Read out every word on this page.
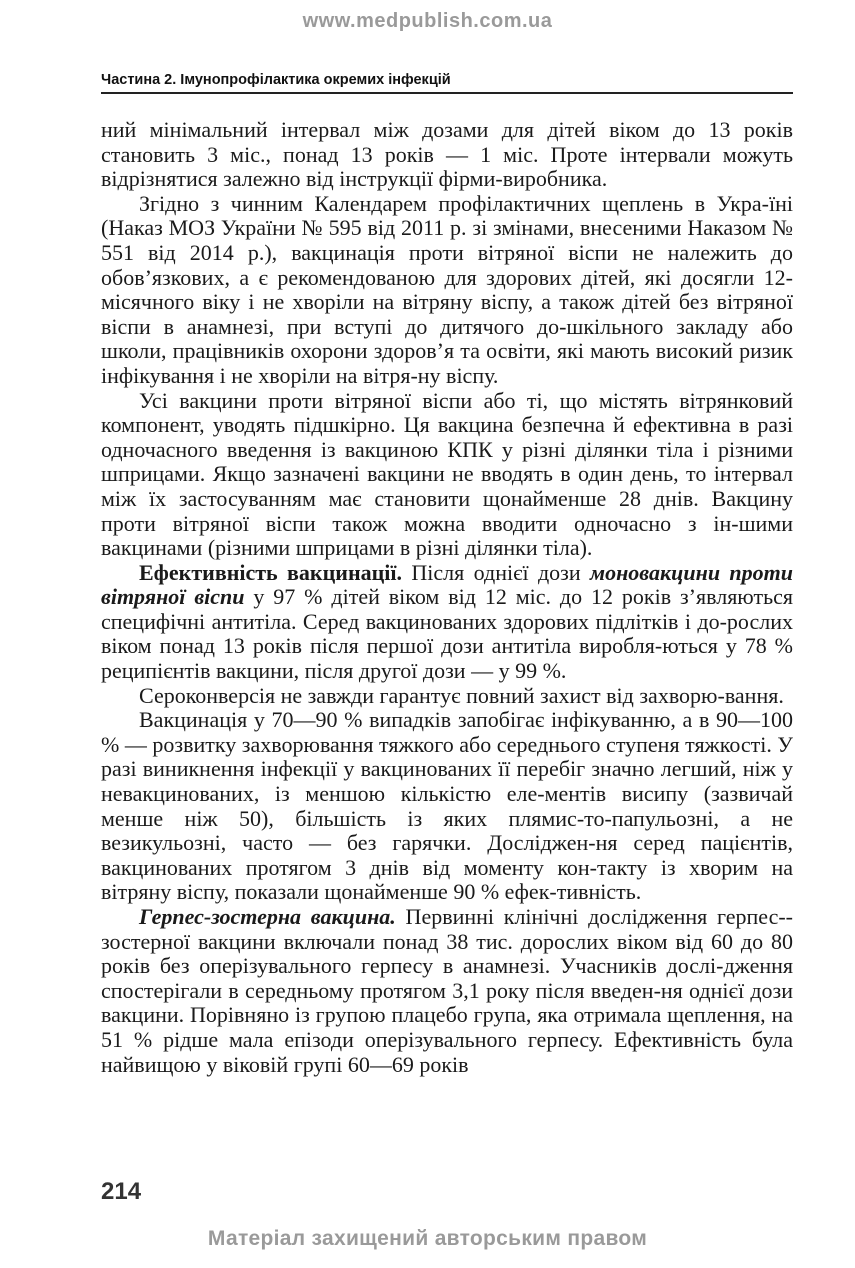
www.medpublish.com.ua
Частина 2. Імунопрофілактика окремих інфекцій

ний мінімальний інтервал між дозами для дітей віком до 13 років становить 3 міс., понад 13 років — 1 міс. Проте інтервали можуть відрізнятися залежно від інструкції фірми-виробника.

Згідно з чинним Календарем профілактичних щеплень в Укра-їні (Наказ МОЗ України № 595 від 2011 р. зі змінами, внесеними Наказом № 551 від 2014 р.), вакцинація проти вітряної віспи не належить до обов’язкових, а є рекомендованою для здорових дітей, які досягли 12-місячного віку і не хворіли на вітряну віспу, а також дітей без вітряної віспи в анамнезі, при вступі до дитячого до-шкільного закладу або школи, працівників охорони здоров’я та освіти, які мають високий ризик інфікування і не хворіли на вітря-ну віспу.

Усі вакцини проти вітряної віспи або ті, що містять вітрянковий компонент, уводять підшкірно. Ця вакцина безпечна й ефективна в разі одночасного введення із вакциною КПК у різні ділянки тіла і різними шприцами. Якщо зазначені вакцини не вводять в один день, то інтервал між їх застосуванням має становити щонайменше 28 днів. Вакцину проти вітряної віспи також можна вводити одночасно з ін-шими вакцинами (різними шприцами в різні ділянки тіла).

Ефективність вакцинації. Після однієї дози моновакцини проти вітряної віспи у 97 % дітей віком від 12 міс. до 12 років з’являються специфічні антитіла. Серед вакцинованих здорових підлітків і до-рослих віком понад 13 років після першої дози антитіла виробля-ються у 78 % реципієнтів вакцини, після другої дози — у 99 %.

Сероконверсія не завжди гарантує повний захист від захворю-вання.

Вакцинація у 70—90 % випадків запобігає інфікуванню, а в 90—100 % — розвитку захворювання тяжкого або середнього ступеня тяжкості. У разі виникнення інфекції у вакцинованих її перебіг значно легший, ніж у невакцинованих, із меншою кількістю еле-ментів висипу (зазвичай менше ніж 50), більшість із яких плямис-то-папульозні, а не везикульозні, часто — без гарячки. Досліджен-ня серед пацієнтів, вакцинованих протягом 3 днів від моменту кон-такту із хворим на вітряну віспу, показали щонайменше 90 % ефек-тивність.

Герпес-зостерна вакцина. Первинні клінічні дослідження герпес-зостерної вакцини включали понад 38 тис. дорослих віком від 60 до 80 років без оперізувального герпесу в анамнезі. Учасників дослі-дження спостерігали в середньому протягом 3,1 року після введен-ня однієї дози вакцини. Порівняно із групою плацебо група, яка отримала щеплення, на 51 % рідше мала епізоди оперізувального герпесу. Ефективність була найвищою у віковій групі 60—69 років

214
Матеріал захищений авторським правом
